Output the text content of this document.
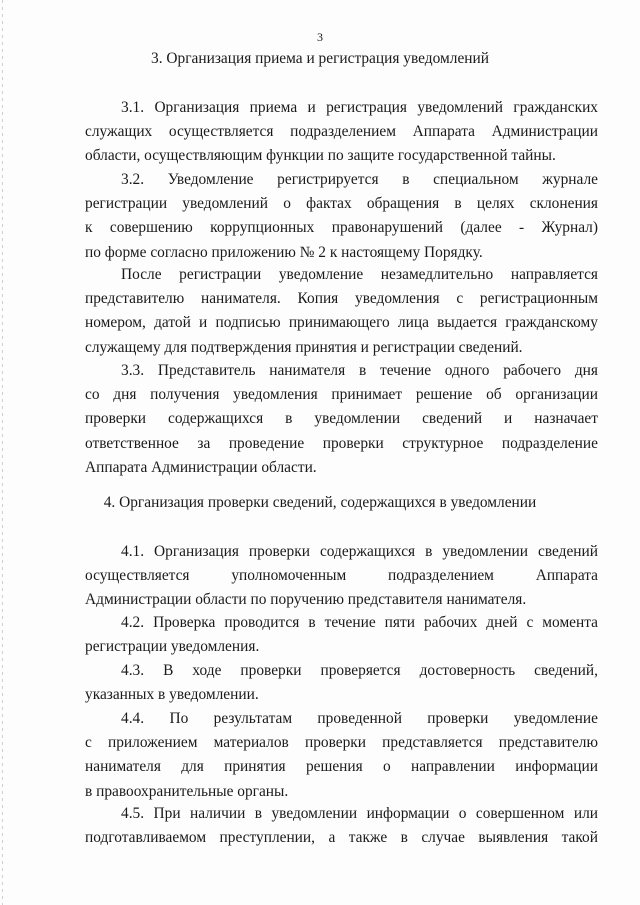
3
3. Организация приема и регистрация уведомлений
3.1. Организация приема и регистрация уведомлений гражданских
служащих осуществляется подразделением Аппарата Администрации
области, осуществляющим функции по защите государственной тайны.
3.2. Уведомление регистрируется в специальном журнале
регистрации уведомлений о фактах обращения в целях склонения
к совершению коррупционных правонарушений (далее - Журнал)
по форме согласно приложению № 2 к настоящему Порядку.
После регистрации уведомление незамедлительно направляется
представителю нанимателя. Копия уведомления с регистрационным
номером, датой и подписью принимающего лица выдается гражданскому
служащему для подтверждения принятия и регистрации сведений.
3.3. Представитель нанимателя в течение одного рабочего дня
со дня получения уведомления принимает решение об организации
проверки содержащихся в уведомлении сведений и назначает
ответственное за проведение проверки структурное подразделение
Аппарата Администрации области.
4. Организация проверки сведений, содержащихся в уведомлении
4.1. Организация проверки содержащихся в уведомлении сведений
осуществляется уполномоченным подразделением Аппарата
Администрации области по поручению представителя нанимателя.
4.2. Проверка проводится в течение пяти рабочих дней с момента
регистрации уведомления.
4.3. В ходе проверки проверяется достоверность сведений,
указанных в уведомлении.
4.4. По результатам проведенной проверки уведомление
с приложением материалов проверки представляется представителю
нанимателя для принятия решения о направлении информации
в правоохранительные органы.
4.5. При наличии в уведомлении информации о совершенном или
подготавливаемом преступлении, а также в случае выявления такой
